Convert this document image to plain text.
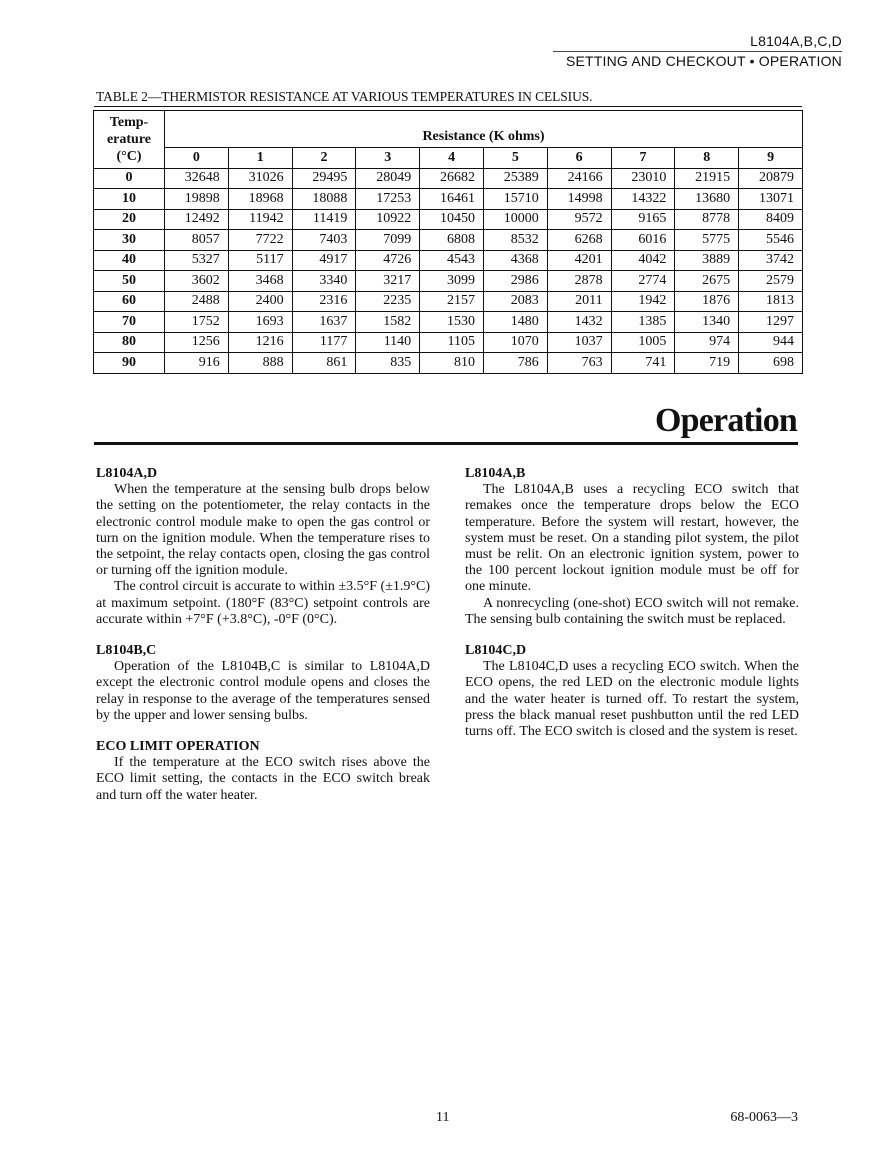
L8104A,B,C,D
SETTING AND CHECKOUT • OPERATION
TABLE 2—THERMISTOR RESISTANCE AT VARIOUS TEMPERATURES IN CELSIUS.
Temp-
erature
(°C)	Resistance (K ohms)									
	0	1	2	3	4	5	6	7	8	9
0	32648	31026	29495	28049	26682	25389	24166	23010	21915	20879
10	19898	18968	18088	17253	16461	15710	14998	14322	13680	13071
20	12492	11942	11419	10922	10450	10000	9572	9165	8778	8409
30	8057	7722	7403	7099	6808	8532	6268	6016	5775	5546
40	5327	5117	4917	4726	4543	4368	4201	4042	3889	3742
50	3602	3468	3340	3217	3099	2986	2878	2774	2675	2579
60	2488	2400	2316	2235	2157	2083	2011	1942	1876	1813
70	1752	1693	1637	1582	1530	1480	1432	1385	1340	1297
80	1256	1216	1177	1140	1105	1070	1037	1005	974	944
90	916	888	861	835	810	786	763	741	719	698
Operation
L8104A,D

When the temperature at the sensing bulb drops below the setting on the potentiometer, the relay contacts in the electronic control module make to open the gas control or turn on the ignition module. When the temperature rises to the setpoint, the relay contacts open, closing the gas control or turning off the ignition module.

The control circuit is accurate to within ±3.5°F (±1.9°C) at maximum setpoint. (180°F (83°C) setpoint controls are accurate within +7°F (+3.8°C), -0°F (0°C).

L8104B,C

Operation of the L8104B,C is similar to L8104A,D except the electronic control module opens and closes the relay in response to the average of the temperatures sensed by the upper and lower sensing bulbs.

ECO LIMIT OPERATION

If the temperature at the ECO switch rises above the ECO limit setting, the contacts in the ECO switch break and turn off the water heater.

L8104A,B

The L8104A,B uses a recycling ECO switch that remakes once the temperature drops below the ECO temperature. Before the system will restart, however, the system must be reset. On a standing pilot system, the pilot must be relit. On an electronic ignition system, power to the 100 percent lockout ignition module must be off for one minute.

A nonrecycling (one-shot) ECO switch will not remake. The sensing bulb containing the switch must be replaced.

L8104C,D

The L8104C,D uses a recycling ECO switch. When the ECO opens, the red LED on the electronic module lights and the water heater is turned off. To restart the system, press the black manual reset pushbutton until the red LED turns off. The ECO switch is closed and the system is reset.

11	68-0063—3
